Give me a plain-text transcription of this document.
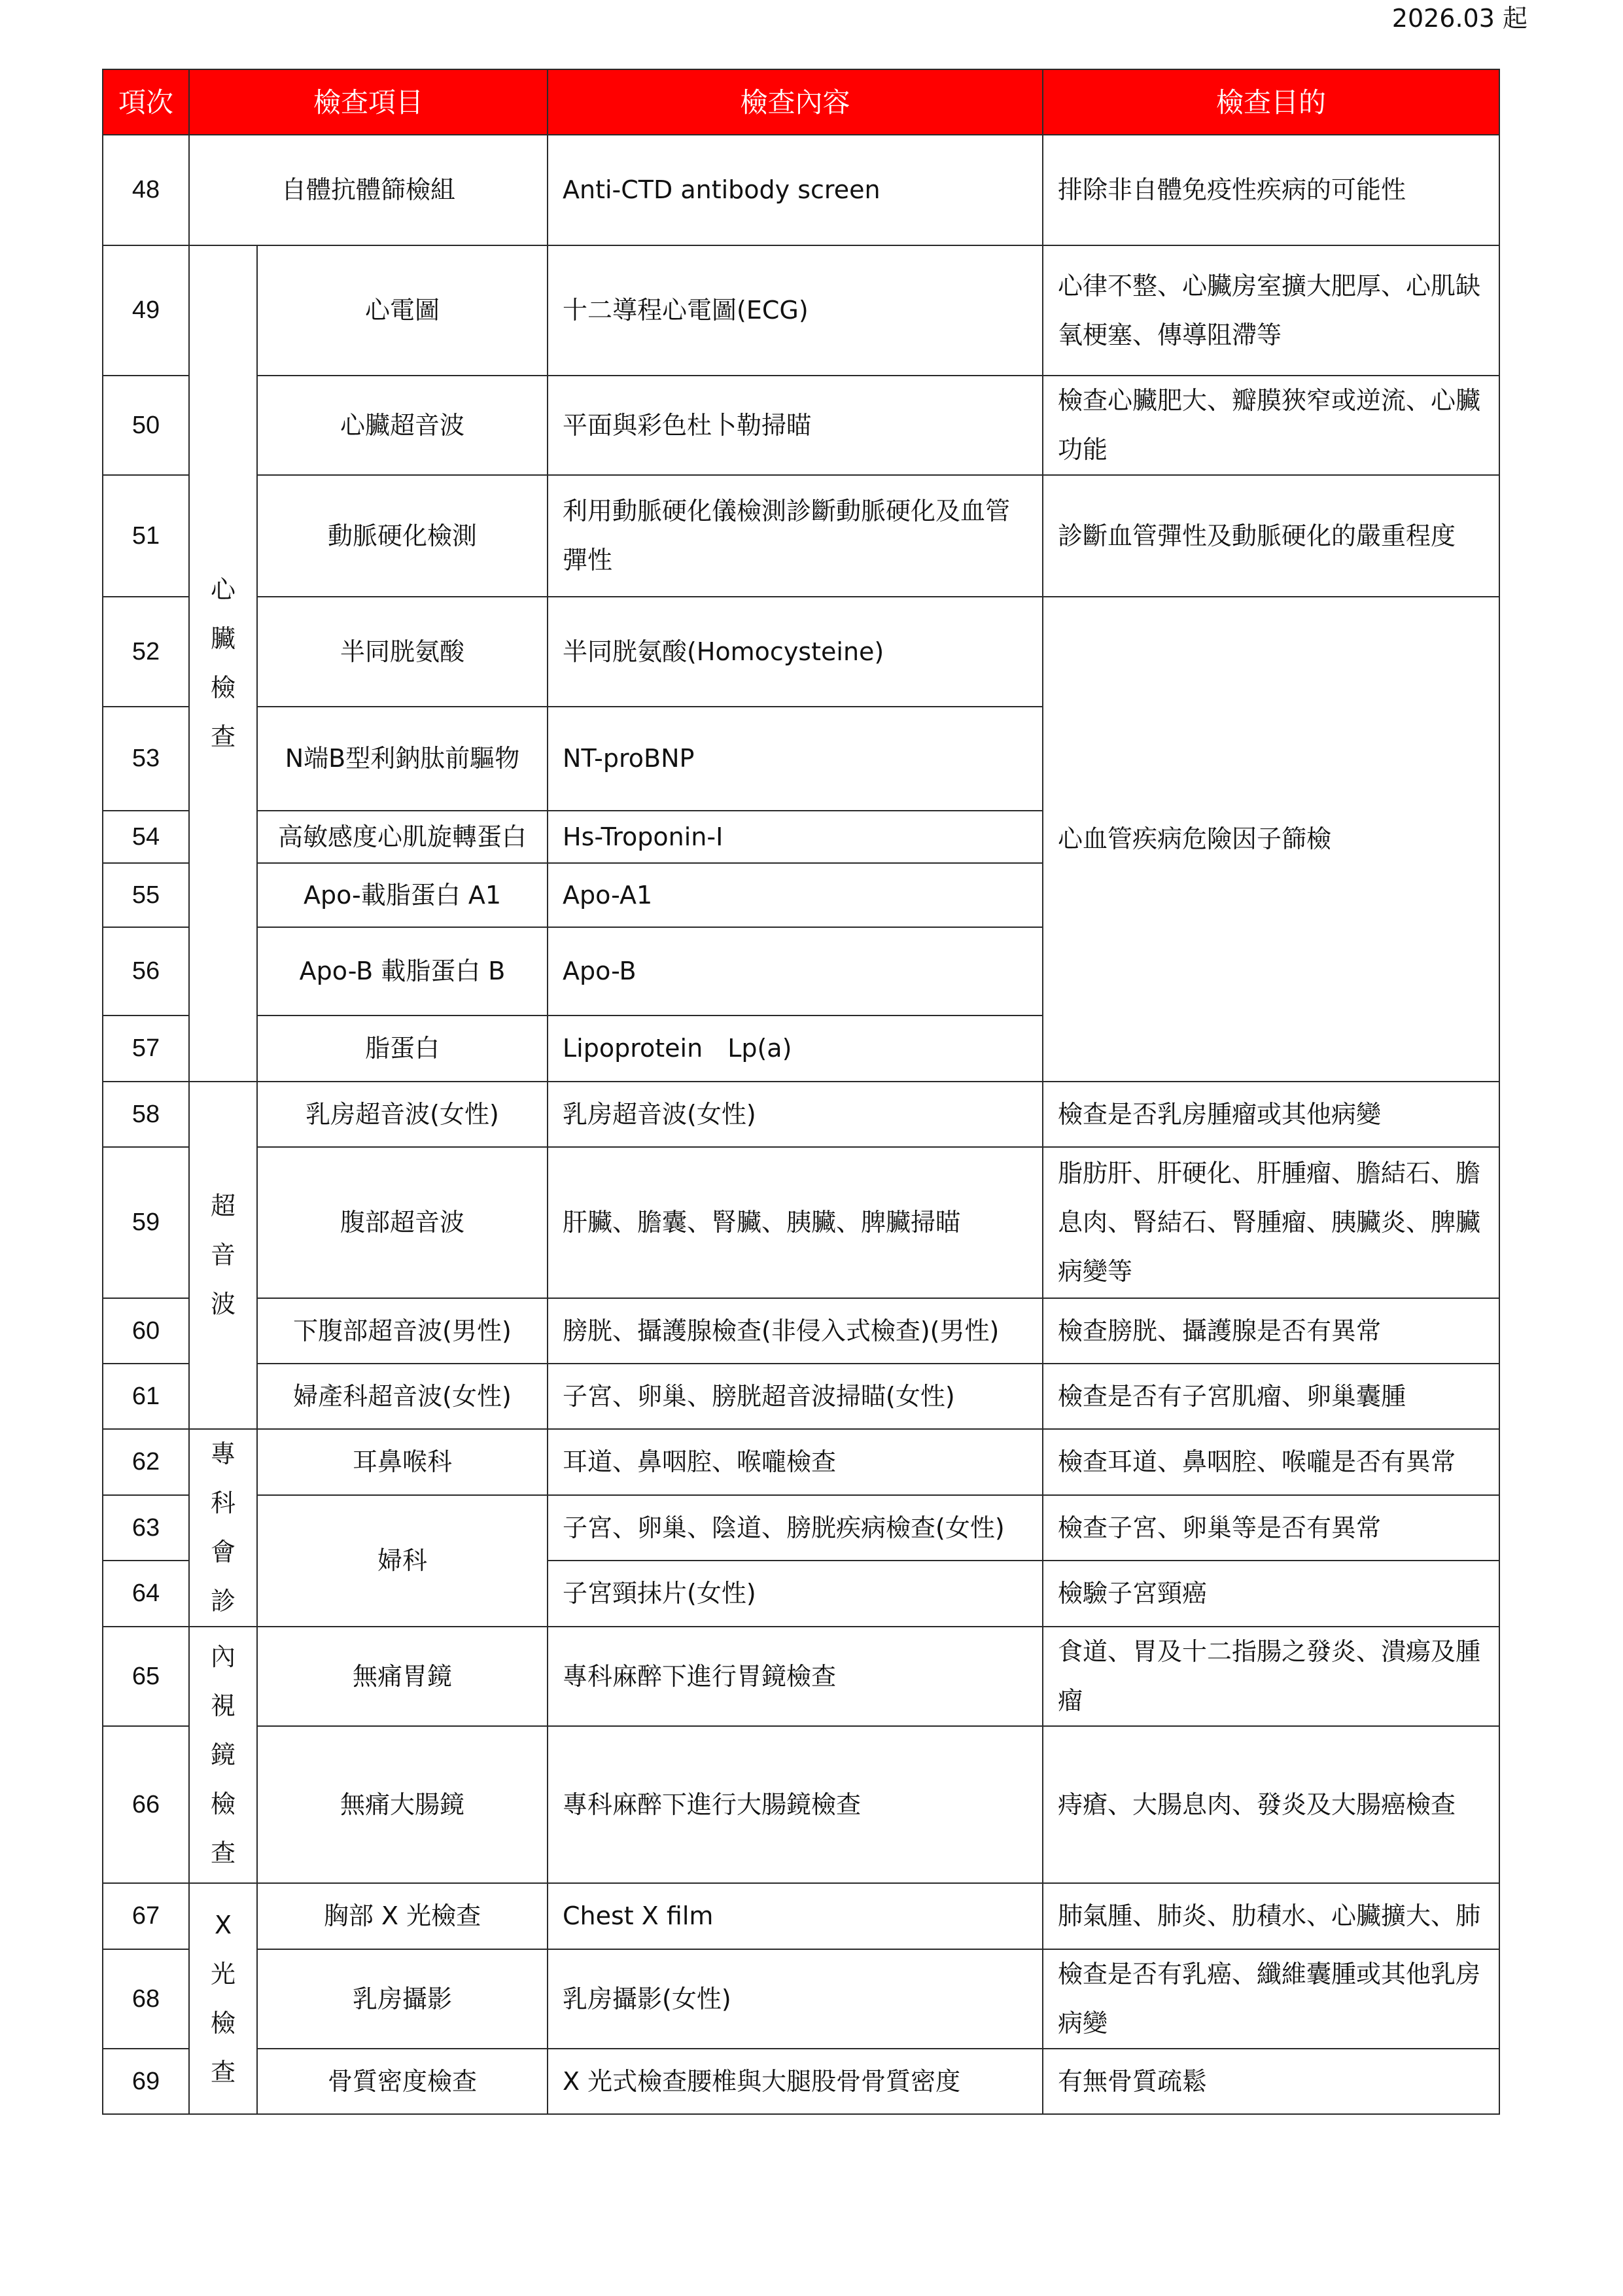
2026.03 起
項次	檢查項目		檢查內容	檢查目的
48	自體抗體篩檢組		Anti-CTD antibody screen	排除非自體免疫性疾病的可能性
49	心臟檢查	心電圖	十二導程心電圖(ECG)	心律不整、心臟房室擴大肥厚、心肌缺氧梗塞、傳導阻滯等
50		心臟超音波	平面與彩色杜卜勒掃瞄	檢查心臟肥大、瓣膜狹窄或逆流、心臟功能
51		動脈硬化檢測	利用動脈硬化儀檢測診斷動脈硬化及血管彈性	診斷血管彈性及動脈硬化的嚴重程度
52		半同胱氨酸	半同胱氨酸(Homocysteine)	心血管疾病危險因子篩檢
53		N端B型利鈉肽前驅物	NT-proBNP	
54		高敏感度心肌旋轉蛋白	Hs-Troponin-I	
55		Apo-載脂蛋白 A1	Apo-A1	
56		Apo-B 載脂蛋白 B	Apo-B	
57		脂蛋白	Lipoprotein　Lp(a)	
58	超音波	乳房超音波(女性)	乳房超音波(女性)	檢查是否乳房腫瘤或其他病變
59		腹部超音波	肝臟、膽囊、腎臟、胰臟、脾臟掃瞄	脂肪肝、肝硬化、肝腫瘤、膽結石、膽息肉、腎結石、腎腫瘤、胰臟炎、脾臟病變等
60		下腹部超音波(男性)	膀胱、攝護腺檢查(非侵入式檢查)(男性)	檢查膀胱、攝護腺是否有異常
61		婦產科超音波(女性)	子宮、卵巢、膀胱超音波掃瞄(女性)	檢查是否有子宮肌瘤、卵巢囊腫
62	專科會診	耳鼻喉科	耳道、鼻咽腔、喉嚨檢查	檢查耳道、鼻咽腔、喉嚨是否有異常
63		婦科	子宮、卵巢、陰道、膀胱疾病檢查(女性)	檢查子宮、卵巢等是否有異常
64			子宮頸抹片(女性)	檢驗子宮頸癌
65	內視鏡檢查	無痛胃鏡	專科麻醉下進行胃鏡檢查	食道、胃及十二指腸之發炎、潰瘍及腫瘤
66		無痛大腸鏡	專科麻醉下進行大腸鏡檢查	痔瘡、大腸息肉、發炎及大腸癌檢查
67	X光檢查	胸部 X 光檢查	Chest X film	肺氣腫、肺炎、肋積水、心臟擴大、肺
68		乳房攝影	乳房攝影(女性)	檢查是否有乳癌、纖維囊腫或其他乳房病變
69		骨質密度檢查	X 光式檢查腰椎與大腿股骨骨質密度	有無骨質疏鬆
